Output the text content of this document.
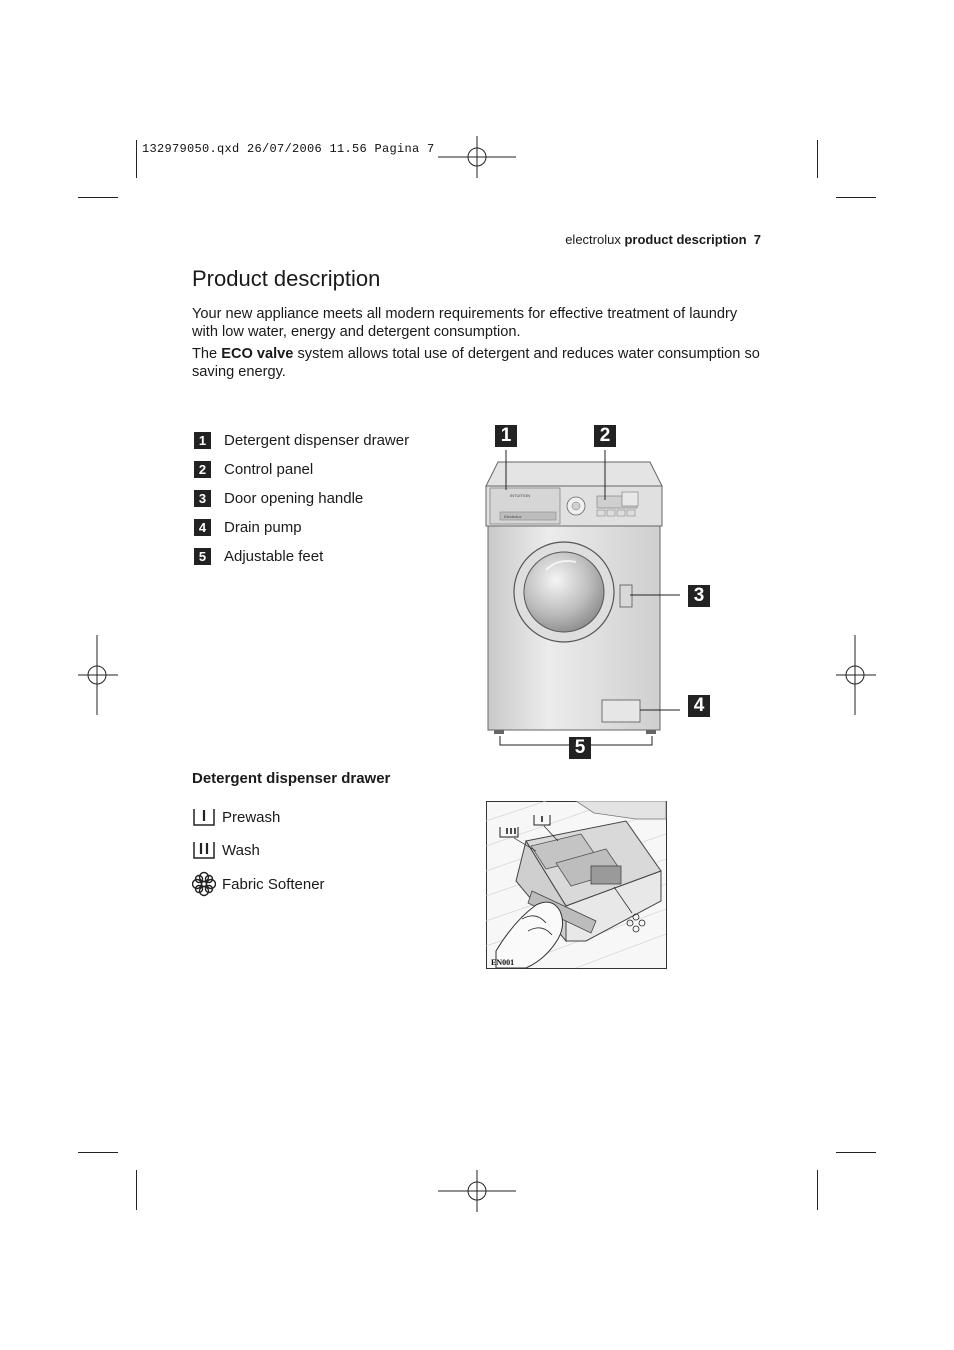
132979050.qxd 26/07/2006 11.56 Pagina 7
electrolux product description 7
Product description

Your new appliance meets all modern requirements for effective treatment of laundry with low water, energy and detergent consumption.

The ECO valve system allows total use of detergent and reduces water consumption so saving energy.

1	Detergent dispenser drawer
2	Control panel
3	Door opening handle
4	Drain pump
5	Adjustable feet
INTUITION
Electrolux
1	2
3
4
5
Detergent dispenser drawer
Prewash
Wash
Fabric Softener
EN001
